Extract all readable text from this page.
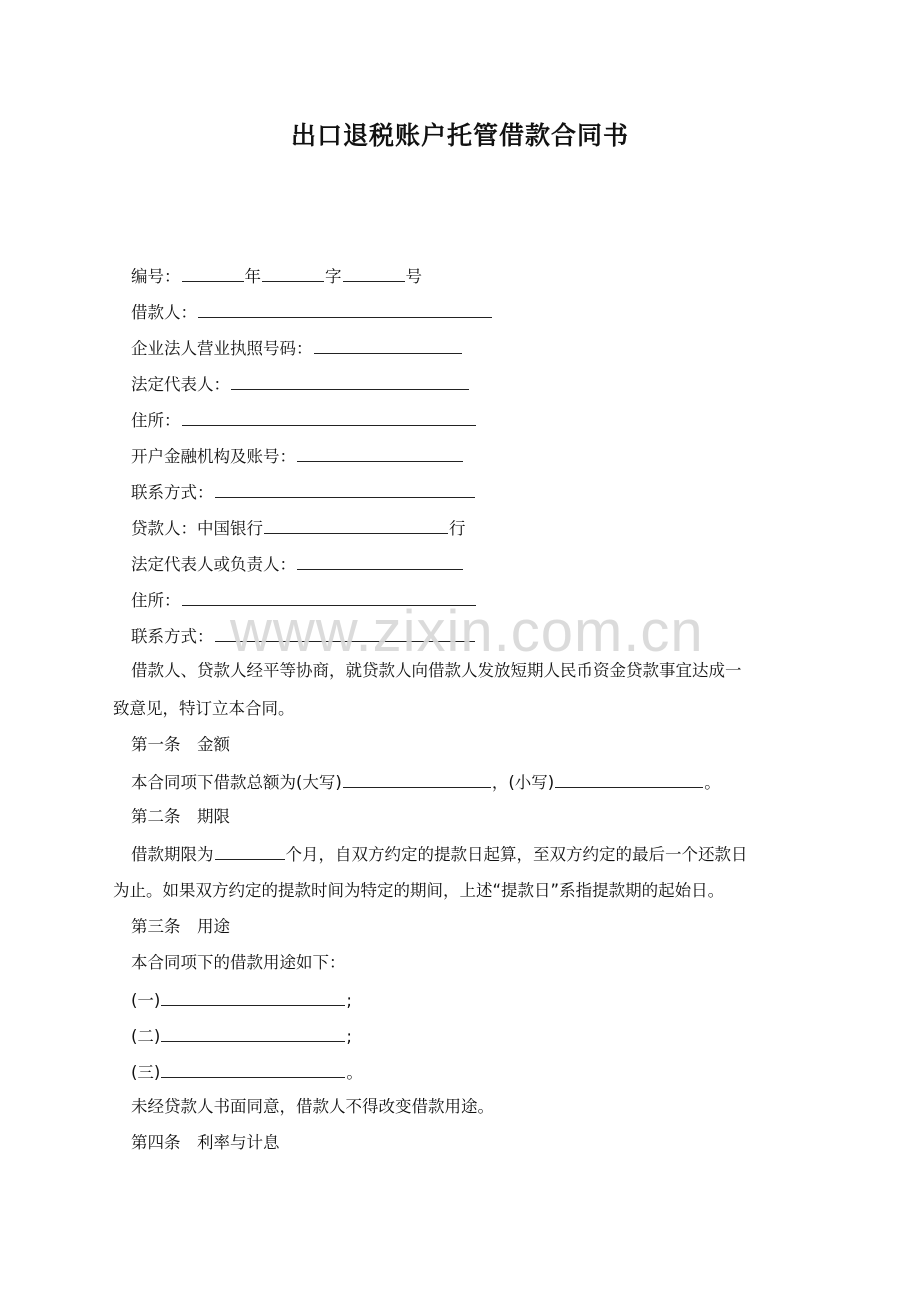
出口退税账户托管借款合同书
编号：	年	字	号
借款人：
企业法人营业执照号码：
法定代表人：
住所：
开户金融机构及账号：
联系方式：
贷款人：中国银行	行
法定代表人或负责人：
住所：
联系方式：
借款人、贷款人经平等协商，就贷款人向借款人发放短期人民币资金贷款事宜达成一
致意见，特订立本合同。
第一条　金额
本合同项下借款总额为(大写)	，(小写)	。
第二条　期限
借款期限为	个月，自双方约定的提款日起算，至双方约定的最后一个还款日
为止。如果双方约定的提款时间为特定的期间，上述“提款日”系指提款期的起始日。
第三条　用途
本合同项下的借款用途如下：
(一)	;
(二)	;
(三)	。
未经贷款人书面同意，借款人不得改变借款用途。
第四条　利率与计息
www.zixin.com.cn
